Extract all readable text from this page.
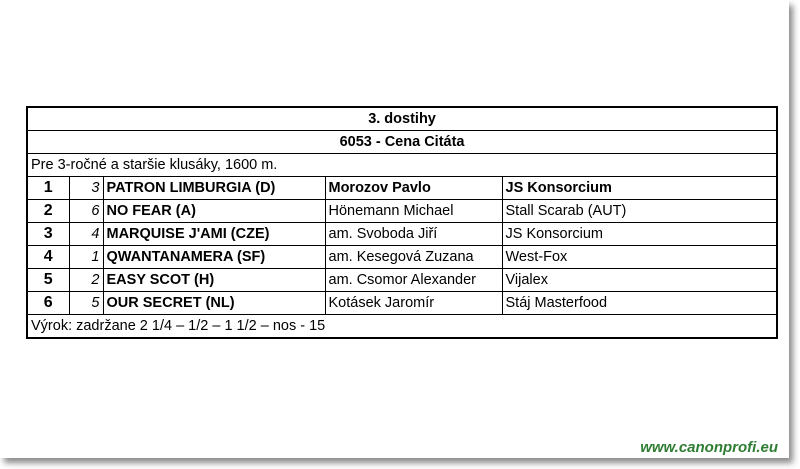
3. dostihy				
6053 - Cena Citáta				
Pre 3-ročné a staršie klusáky, 1600 m.				
1	3	PATRON LIMBURGIA (D)	Morozov Pavlo	JS Konsorcium
2	6	NO FEAR (A)	Hönemann Michael	Stall Scarab (AUT)
3	4	MARQUISE J'AMI (CZE)	am. Svoboda Jiří	JS Konsorcium
4	1	QWANTANAMERA (SF)	am. Kesegová Zuzana	West-Fox
5	2	EASY SCOT (H)	am. Csomor Alexander	Vijalex
6	5	OUR SECRET (NL)	Kotásek Jaromír	Stáj Masterfood
Výrok: zadržane 2 1/4 – 1/2 – 1 1/2 – nos - 15				
www.canonprofi.eu
